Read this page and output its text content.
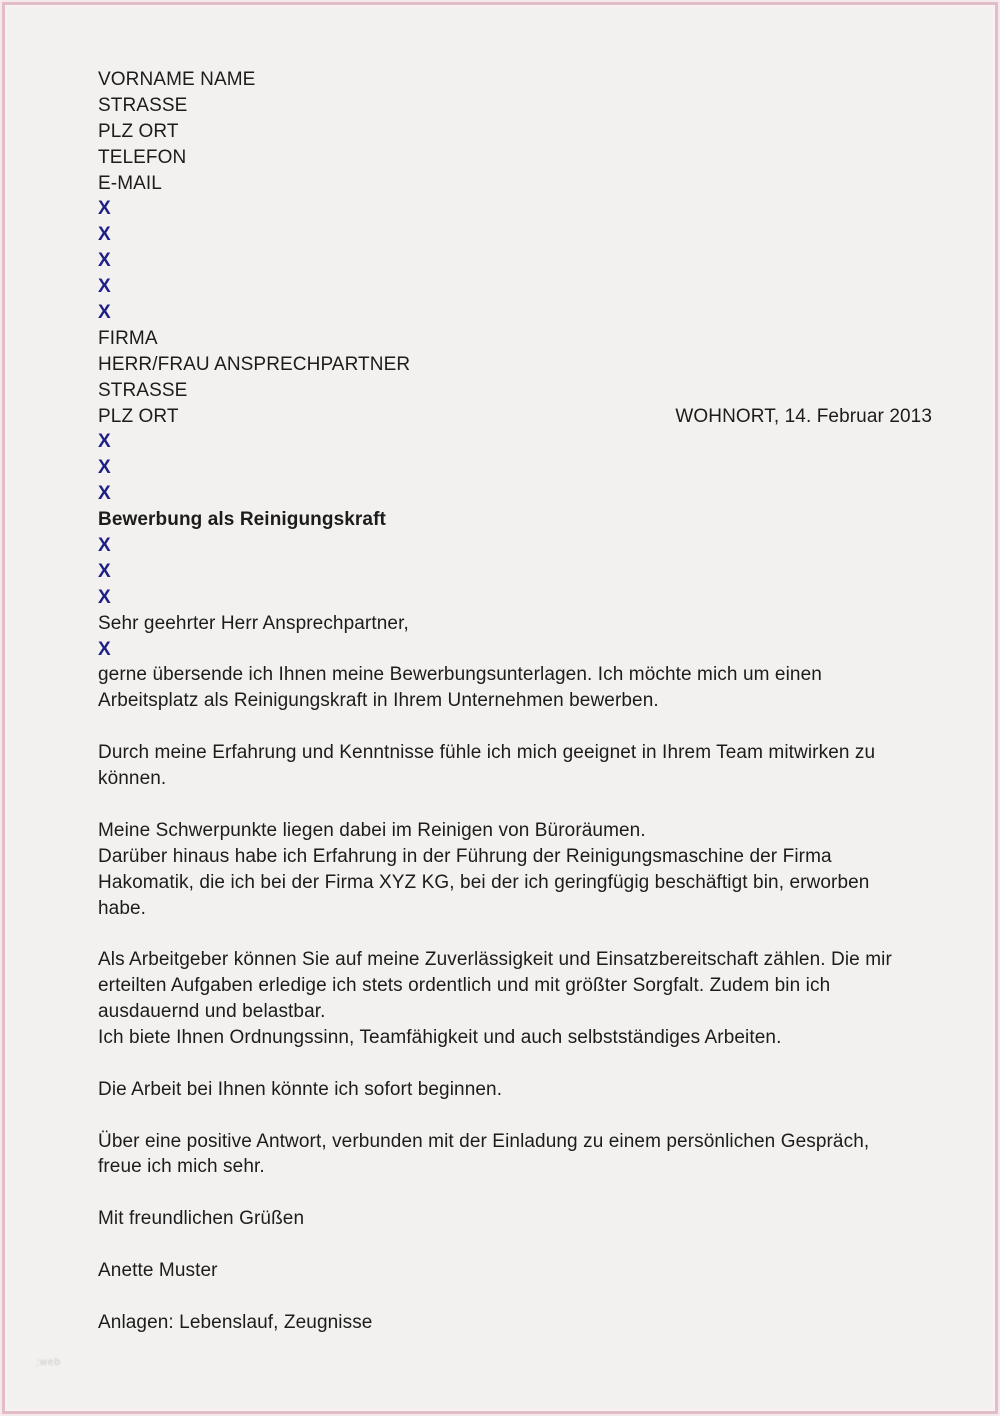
VORNAME NAME
STRASSE
PLZ ORT
TELEFON
E-MAIL
X
X
X
X
X
FIRMA
HERR/FRAU ANSPRECHPARTNER
STRASSE
PLZ ORT	WOHNORT, 14. Februar 2013
X
X
X
Bewerbung als Reinigungskraft
X
X
X
Sehr geehrter Herr Ansprechpartner,
X
gerne übersende ich Ihnen meine Bewerbungsunterlagen. Ich möchte mich um einen
Arbeitsplatz als Reinigungskraft in Ihrem Unternehmen bewerben.

Durch meine Erfahrung und Kenntnisse fühle ich mich geeignet in Ihrem Team mitwirken zu
können.

Meine Schwerpunkte liegen dabei im Reinigen von Büroräumen.
Darüber hinaus habe ich Erfahrung in der Führung der Reinigungsmaschine der Firma
Hakomatik, die ich bei der Firma XYZ KG, bei der ich geringfügig beschäftigt bin, erworben
habe.

Als Arbeitgeber können Sie auf meine Zuverlässigkeit und Einsatzbereitschaft zählen. Die mir
erteilten Aufgaben erledige ich stets ordentlich und mit größter Sorgfalt. Zudem bin ich
ausdauernd und belastbar.
Ich biete Ihnen Ordnungssinn, Teamfähigkeit und auch selbstständiges Arbeiten.

Die Arbeit bei Ihnen könnte ich sofort beginnen.

Über eine positive Antwort, verbunden mit der Einladung zu einem persönlichen Gespräch,
freue ich mich sehr.

Mit freundlichen Grüßen

Anette Muster

Anlagen: Lebenslauf, Zeugnisse
;web
